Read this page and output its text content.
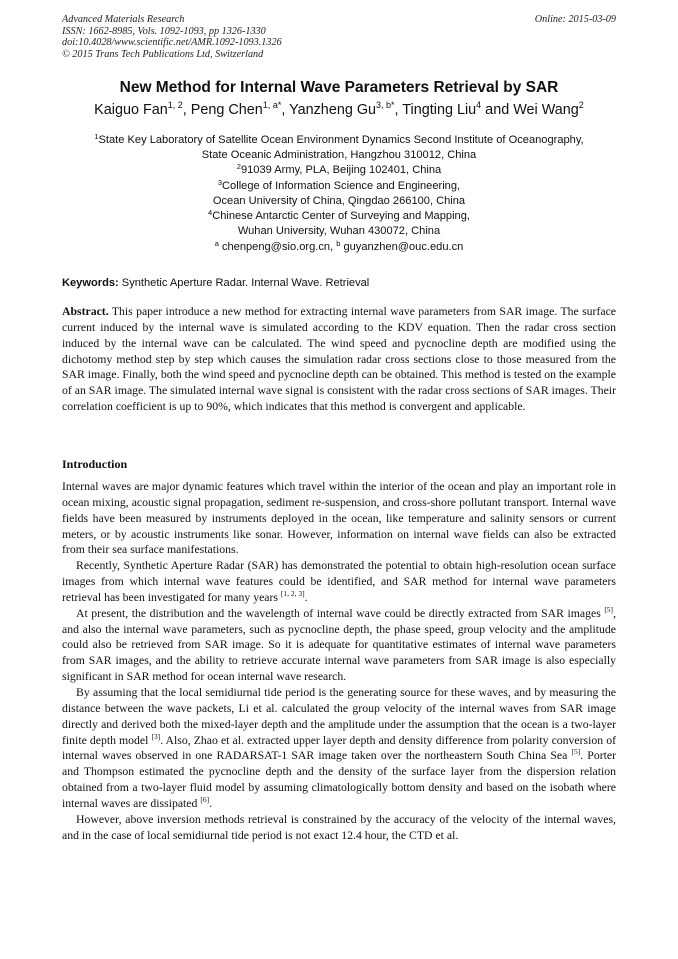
Advanced Materials Research
ISSN: 1662-8985, Vols. 1092-1093, pp 1326-1330
doi:10.4028/www.scientific.net/AMR.1092-1093.1326
© 2015 Trans Tech Publications Ltd, Switzerland
Online: 2015-03-09
New Method for Internal Wave Parameters Retrieval by SAR
Kaiguo Fan$^{1, 2}$, Peng Chen$^{1, a*}$, Yanzheng $Gu^{3, b*}$, Tingting Liu$^4$ and Wei Wang$^2$
$^1$State Key Laboratory of Satellite Ocean Environment Dynamics Second Institute of Oceanography,
State Oceanic Administration, Hangzhou 310012, China
$^2$91039 Army, PLA, Beijing 102401, China
$^3$College of Information Science and Engineering,
Ocean University of China, Qingdao 266100, China
$^4$Chinese Antarctic Center of Surveying and Mapping,
Wuhan University, Wuhan 430072, China
$^a$ chenpeng@sio.org.cn, $^b$ guyanzhen@ouc.edu.cn
Keywords: Synthetic Aperture Radar. Internal Wave. Retrieval
Abstract. This paper introduce a new method for extracting internal wave parameters from SAR image. The surface current induced by the internal wave is simulated according to the KDV equation. Then the radar cross section induced by the internal wave can be calculated. The wind speed and pycnocline depth are modified using the dichotomy method step by step which causes the simulation radar cross sections close to those measured from the SAR image. Finally, both the wind speed and pycnocline depth can be obtained. This method is tested on the example of an SAR image. The simulated internal wave signal is consistent with the radar cross sections of SAR images. Their correlation coefficient is up to 90%, which indicates that this method is convergent and applicable.
Introduction

Internal waves are major dynamic features which travel within the interior of the ocean and play an important role in ocean mixing, acoustic signal propagation, sediment re-suspension, and cross-shore pollutant transport. Internal wave fields have been measured by instruments deployed in the ocean, like temperature and salinity sensors or current meters, or by acoustic instruments like sonar. However, information on internal wave fields can also be extracted from their sea surface manifestations.

Recently, Synthetic Aperture Radar (SAR) has demonstrated the potential to obtain high-resolution ocean surface images from which internal wave features could be identified, and SAR method for internal wave parameters retrieval has been investigated for many years [1, 2, 3].

At present, the distribution and the wavelength of internal wave could be directly extracted from SAR images [5], and also the internal wave parameters, such as pycnocline depth, the phase speed, group velocity and the amplitude could also be retrieved from SAR image. So it is adequate for quantitative estimates of internal wave parameters from SAR images, and the ability to retrieve accurate internal wave parameters from SAR image is also especially significant in SAR method for ocean internal wave research.

By assuming that the local semidiurnal tide period is the generating source for these waves, and by measuring the distance between the wave packets, Li et al. calculated the group velocity of the internal waves from SAR image directly and derived both the mixed-layer depth and the amplitude under the assumption that the ocean is a two-layer finite depth model [3]. Also, Zhao et al. extracted upper layer depth and density difference from polarity conversion of internal waves observed in one RADARSAT-1 SAR image taken over the northeastern South China Sea [5]. Porter and Thompson estimated the pycnocline depth and the density of the surface layer from the dispersion relation obtained from a two-layer fluid model by assuming climatologically bottom density and based on the isobath where internal waves are dissipated [6].

However, above inversion methods retrieval is constrained by the accuracy of the velocity of the internal waves, and in the case of local semidiurnal tide period is not exact 12.4 hour, the CTD et al.
